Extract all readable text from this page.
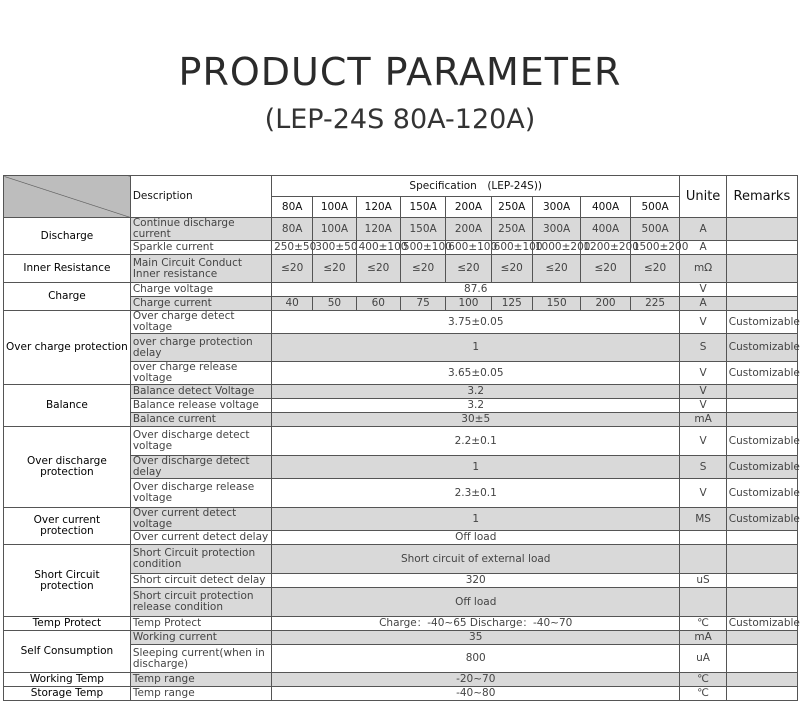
PRODUCT PARAMETER
(LEP-24S 80A-120A)
	Description	Specification　(LEP-24S))									Unite	Remarks
		80A	100A	120A	150A	200A	250A	300A	400A	500A		
Discharge	Continue discharge current	80A	100A	120A	150A	200A	250A	300A	400A	500A	A	
	Sparkle current	250±50	300±50	400±100	500±100	600±100	600±100	1000±200	1200±200	1500±200	A	
Inner Resistance	Main Circuit Conduct Inner resistance	≤20	≤20	≤20	≤20	≤20	≤20	≤20	≤20	≤20	mΩ	
Charge	Charge voltage	87.6									V	
	Charge current	40	50	60	75	100	125	150	200	225	A	
Over charge protection	Over charge detect voltage	3.75±0.05									V	Customizable
	over charge protection delay	1									S	Customizable
	over charge release voltage	3.65±0.05									V	Customizable
Balance	Balance detect Voltage	3.2									V	
	Balance release voltage	3.2									V	
	Balance current	30±5									mA	
Over discharge protection	Over discharge detect voltage	2.2±0.1									V	Customizable
	Over discharge detect delay	1									S	Customizable
	Over discharge release voltage	2.3±0.1									V	Customizable
Over current protection	Over current detect voltage	1									MS	Customizable
	Over current detect delay	Off load										
Short Circuit protection	Short Circuit protection condition	Short circuit of external load										
	Short circuit detect delay	320									uS	
	Short circuit protection release condition	Off load										
Temp Protect	Temp Protect	Charge：-40~65 Discharge：-40~70									℃	Customizable
Self Consumption	Working current	35									mA	
	Sleeping current(when in discharge)	800									uA	
Working Temp	Temp range	-20~70									℃	
Storage Temp	Temp range	-40~80									℃	
